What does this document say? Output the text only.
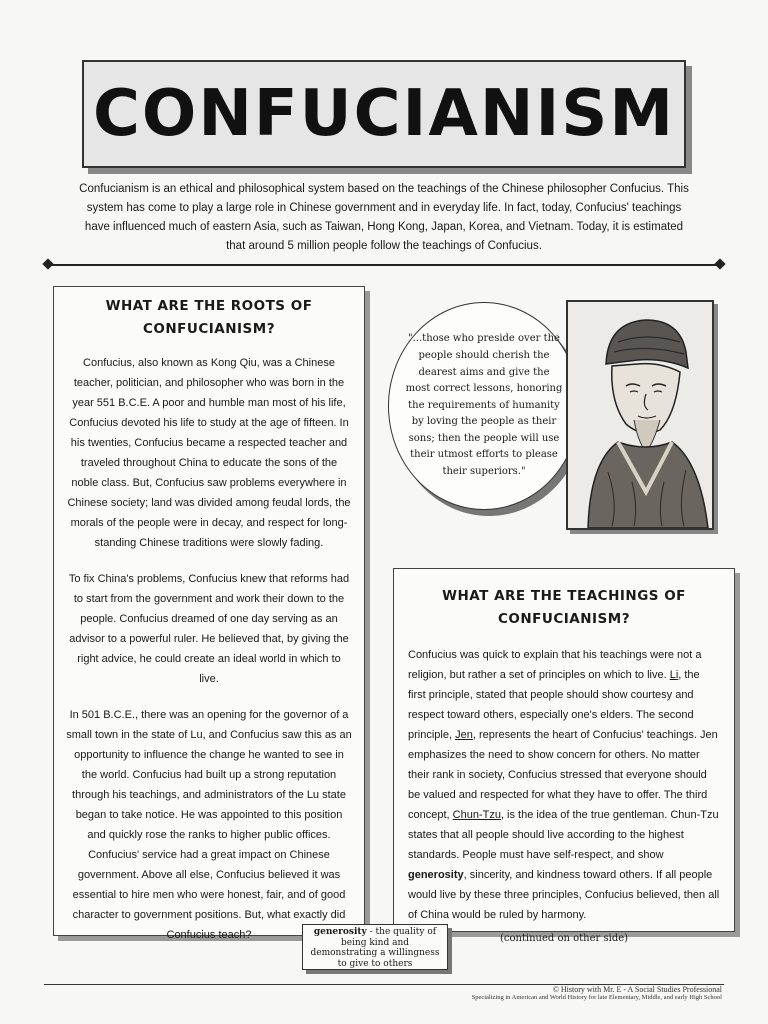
CONFUCIANISM
Confucianism is an ethical and philosophical system based on the teachings of the Chinese philosopher Confucius. This system has come to play a large role in Chinese government and in everyday life. In fact, today, Confucius' teachings have influenced much of eastern Asia, such as Taiwan, Hong Kong, Japan, Korea, and Vietnam. Today, it is estimated that around 5 million people follow the teachings of Confucius.
WHAT ARE THE ROOTS OF CONFUCIANISM?

Confucius, also known as Kong Qiu, was a Chinese teacher, politician, and philosopher who was born in the year 551 B.C.E. A poor and humble man most of his life, Confucius devoted his life to study at the age of fifteen. In his twenties, Confucius became a respected teacher and traveled throughout China to educate the sons of the noble class. But, Confucius saw problems everywhere in Chinese society; land was divided among feudal lords, the morals of the people were in decay, and respect for long-standing Chinese traditions were slowly fading.

To fix China's problems, Confucius knew that reforms had to start from the government and work their down to the people. Confucius dreamed of one day serving as an advisor to a powerful ruler. He believed that, by giving the right advice, he could create an ideal world in which to live.

In 501 B.C.E., there was an opening for the governor of a small town in the state of Lu, and Confucius saw this as an opportunity to influence the change he wanted to see in the world. Confucius had built up a strong reputation through his teachings, and administrators of the Lu state began to take notice. He was appointed to this position and quickly rose the ranks to higher public offices. Confucius' service had a great impact on Chinese government. Above all else, Confucius believed it was essential to hire men who were honest, fair, and of good character to government positions. But, what exactly did Confucius teach?

"...those who preside over the people should cherish the dearest aims and give the most correct lessons, honoring the requirements of humanity by loving the people as their sons; then the people will use their utmost efforts to please their superiors."

WHAT ARE THE TEACHINGS OF CONFUCIANISM?

Confucius was quick to explain that his teachings were not a religion, but rather a set of principles on which to live. Li, the first principle, stated that people should show courtesy and respect toward others, especially one's elders. The second principle, Jen, represents the heart of Confucius' teachings. Jen emphasizes the need to show concern for others. No matter their rank in society, Confucius stressed that everyone should be valued and respected for what they have to offer. The third concept, Chun-Tzu, is the idea of the true gentleman. Chun-Tzu states that all people should live according to the highest standards. People must have self-respect, and show generosity, sincerity, and kindness toward others. If all people would live by these three principles, Confucius believed, then all of China would be ruled by harmony.

(continued on other side)
generosity - the quality of being kind and demonstrating a willingness to give to others
© History with Mr. E - A Social Studies Professional
Specializing in American and World History for late Elementary, Middle, and early High School
